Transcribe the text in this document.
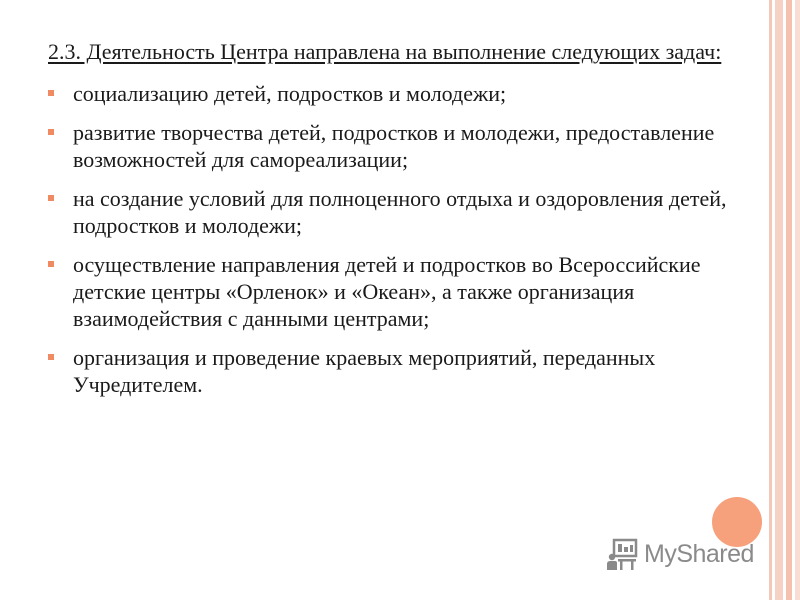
2.3. Деятельность Центра направлена на выполнение следующих задач:

социализацию детей, подростков и молодежи;
развитие творчества детей, подростков и молодежи, предоставление возможностей для самореализации;
на создание условий для полноценного отдыха и оздоровления детей, подростков и молодежи;
осуществление направления детей и подростков во Всероссийские детские центры «Орленок» и «Океан», а также организация взаимодействия с данными центрами;
организация и проведение краевых мероприятий, переданных Учредителем.
MyShared
